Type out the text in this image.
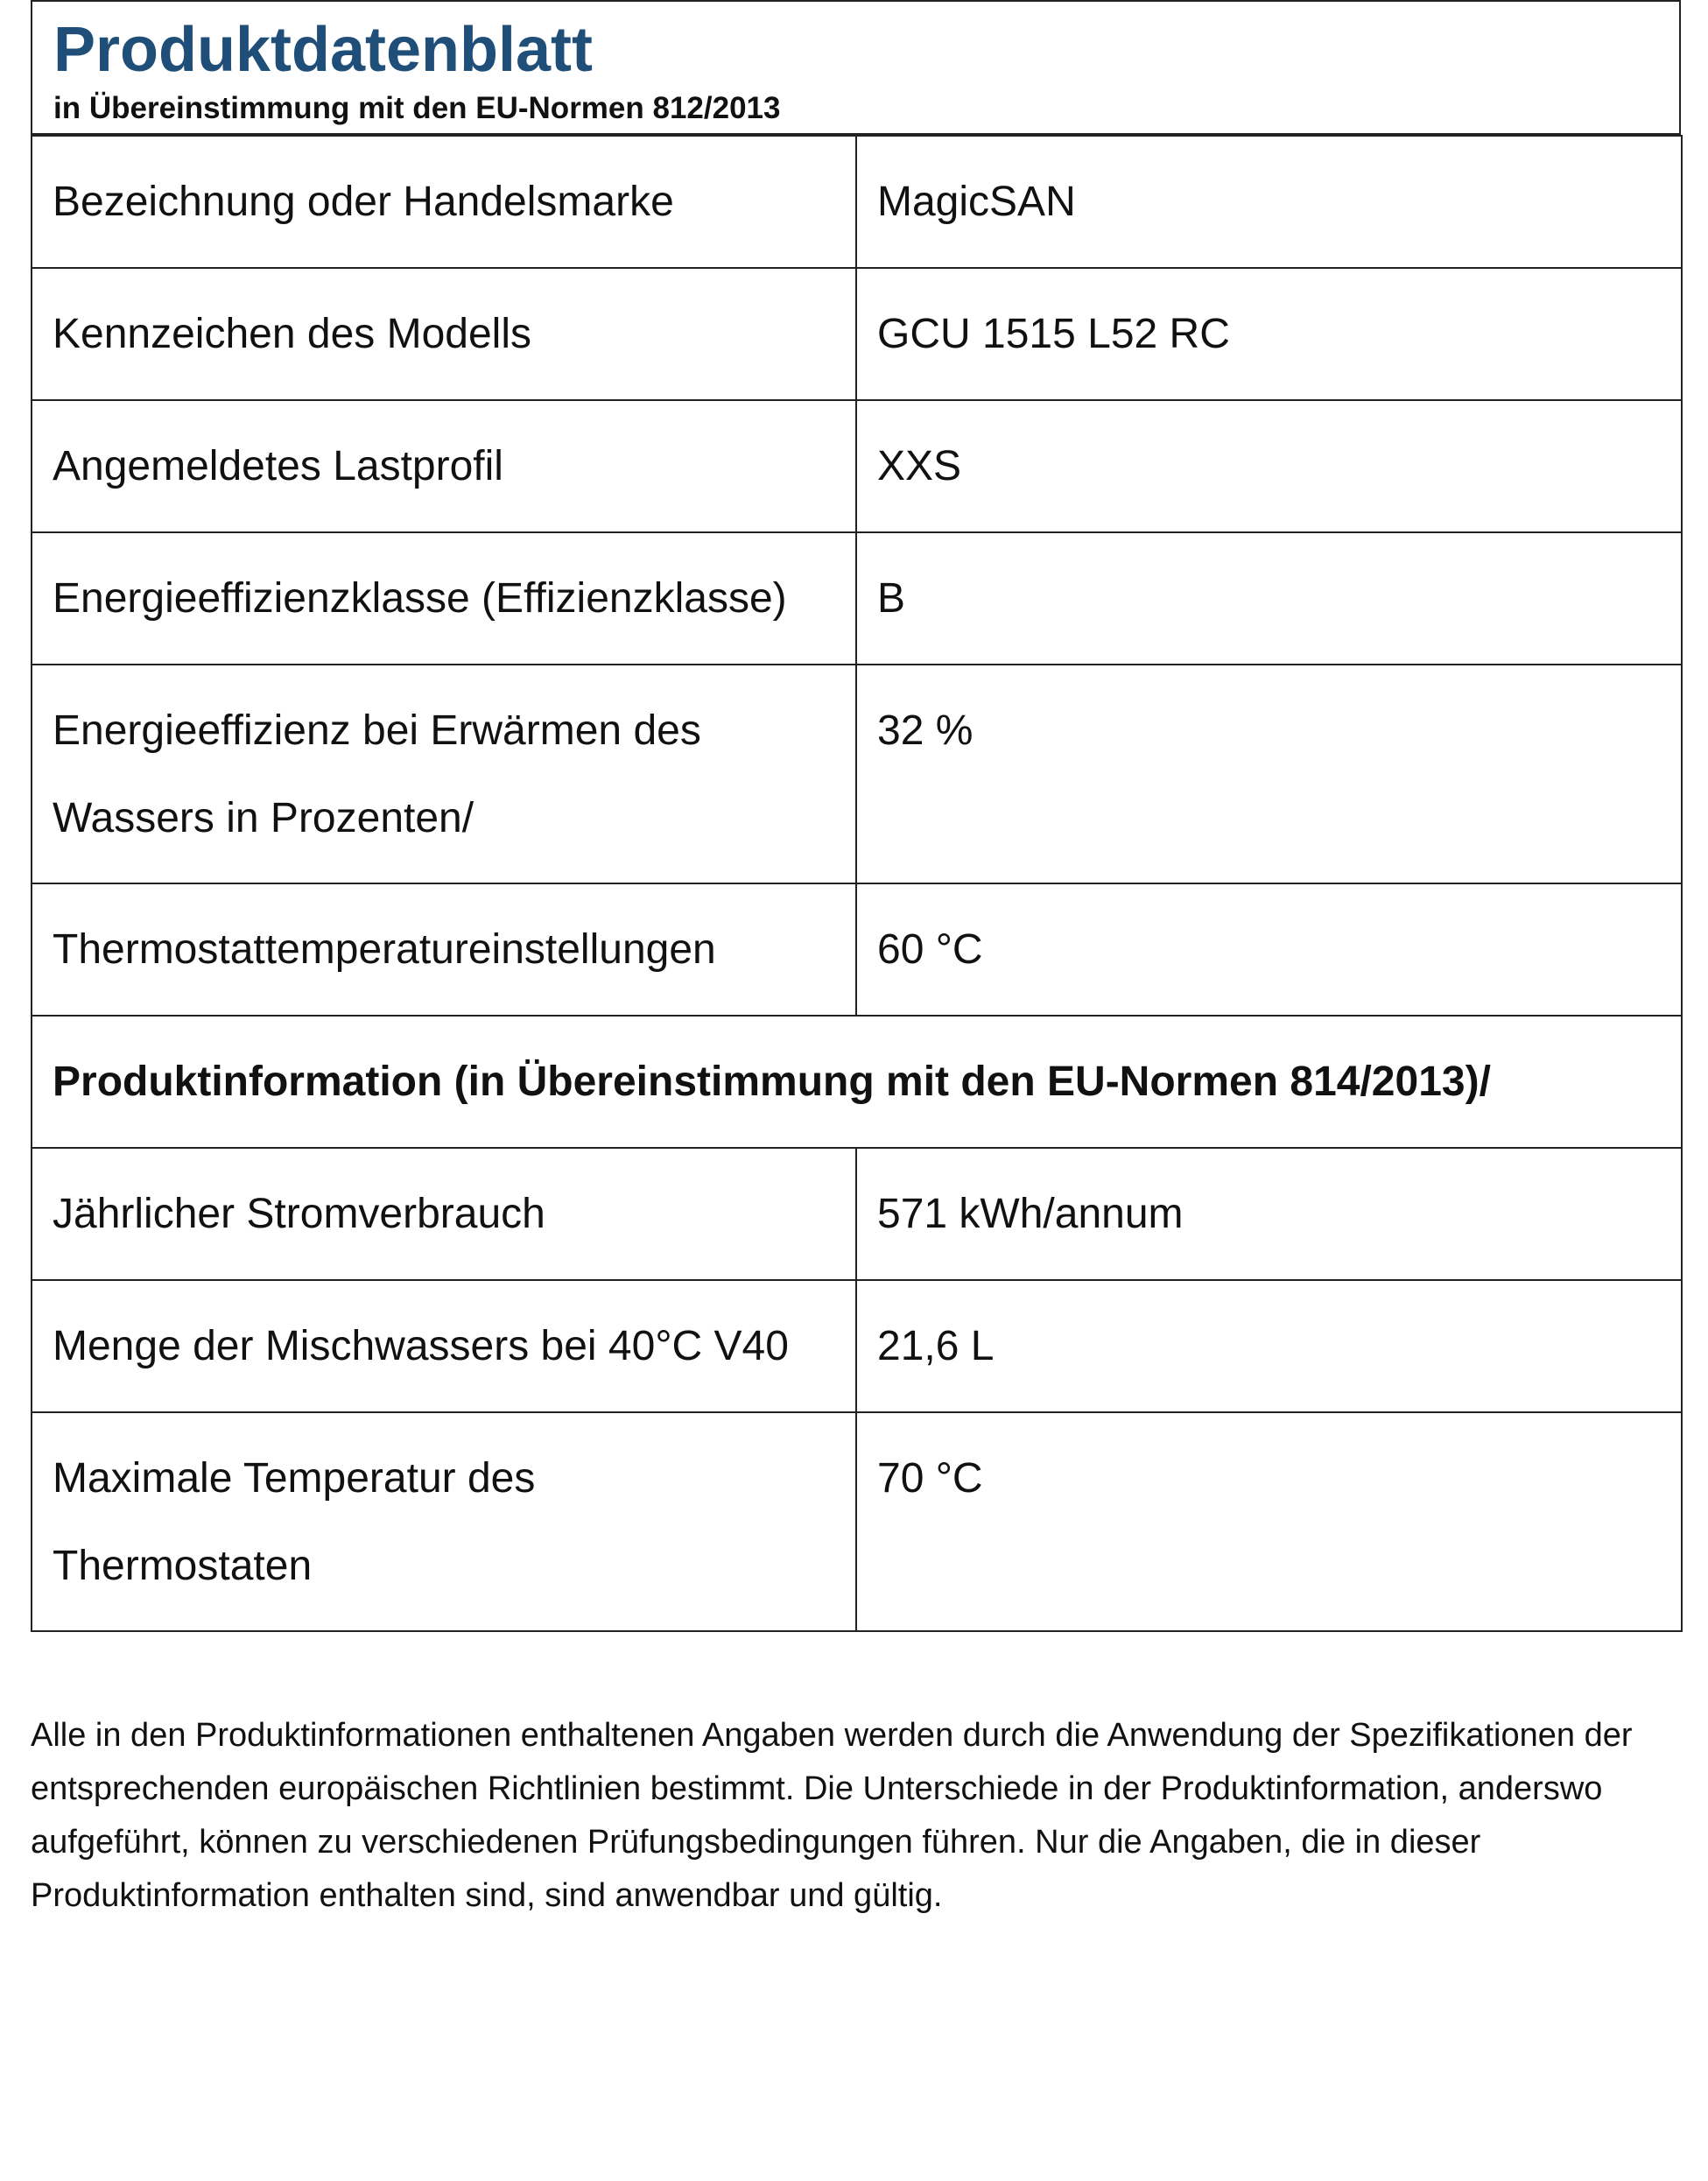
Produktdatenblatt
in Übereinstimmung mit den EU-Normen 812/2013
Bezeichnung oder Handelsmarke	MagicSAN
Kennzeichen des Modells	GCU 1515 L52 RC
Angemeldetes Lastprofil	XXS
Energieeffizienzklasse (Effizienzklasse)	B

Energieeffizienz bei Erwärmen des
Wassers in Prozenten/	32 %
Thermostattemperatureinstellungen	60 °C
Produktinformation (in Übereinstimmung mit den EU-Normen 814/2013)/	
Jährlicher Stromverbrauch	571 kWh/annum
Menge der Mischwassers bei 40°C V40	21,6 L

Maximale Temperatur des
Thermostaten	70 °C
Alle in den Produktinformationen enthaltenen Angaben werden durch die Anwendung der Spezifikationen der entsprechenden europäischen Richtlinien bestimmt. Die Unterschiede in der Produktinformation, anderswo aufgeführt, können zu verschiedenen Prüfungsbedingungen führen. Nur die Angaben, die in dieser Produktinformation enthalten sind, sind anwendbar und gültig.
